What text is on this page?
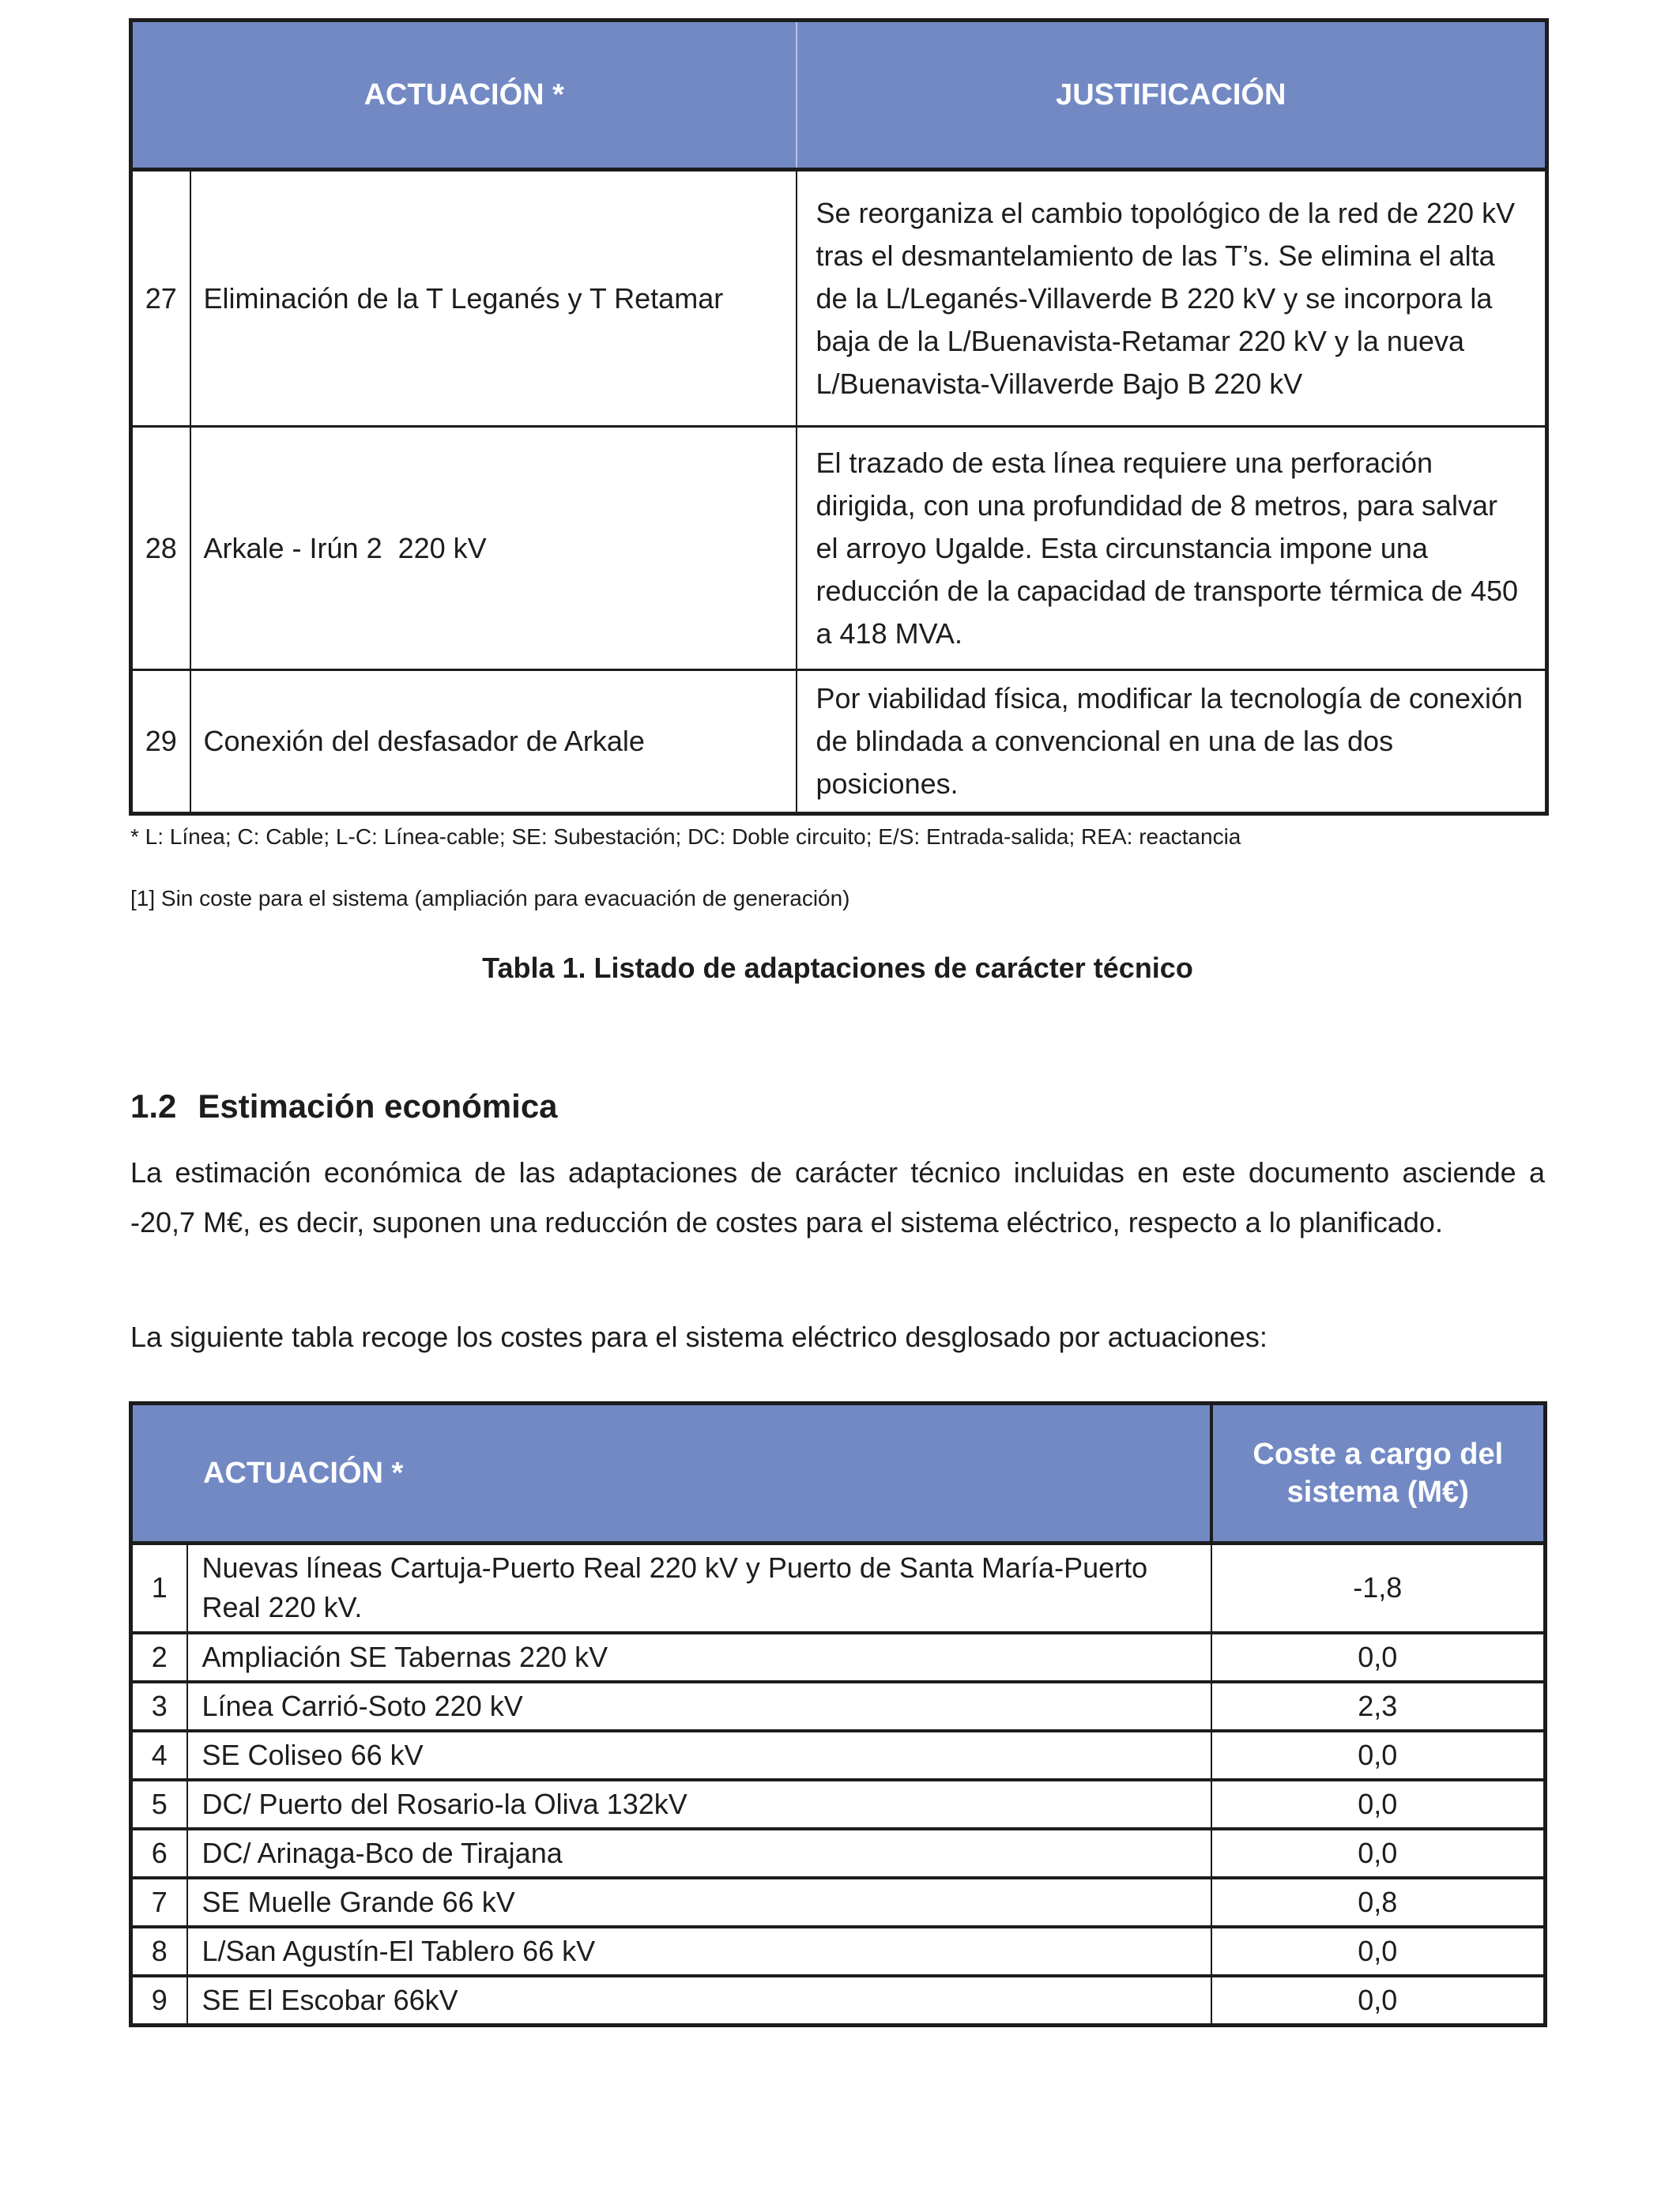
ACTUACIÓN *		JUSTIFICACIÓN
27	Eliminación de la T Leganés y T Retamar	Se reorganiza el cambio topológico de la red de 220 kV  tras el desmantelamiento de las T’s. Se elimina el alta de la L/Leganés-Villaverde B 220 kV y se incorpora la baja de la L/Buenavista-Retamar 220 kV y la nueva L/Buenavista-Villaverde Bajo B 220 kV
28	Arkale - Irún 2  220 kV	El trazado de esta línea requiere una perforación dirigida, con una profundidad de 8 metros, para salvar el arroyo Ugalde. Esta circunstancia impone una reducción de la capacidad de transporte térmica de 450 a 418 MVA.
29	Conexión del desfasador de Arkale	Por viabilidad física, modificar la tecnología de conexión de blindada a convencional en una de las dos posiciones.
* L: Línea; C: Cable; L-C: Línea-cable; SE: Subestación; DC: Doble circuito; E/S: Entrada-salida; REA: reactancia
[1] Sin coste para el sistema (ampliación para evacuación de generación)
Tabla 1. Listado de adaptaciones de carácter técnico
1.2 Estimación económica
La estimación económica de las adaptaciones de carácter técnico incluidas en este documento asciende a -20,7 M€, es decir, suponen una reducción de costes para el sistema eléctrico, respecto a lo planificado.
La siguiente tabla recoge los costes para el sistema eléctrico desglosado por actuaciones:
ACTUACIÓN *		Coste a cargo del sistema (M€)
1	Nuevas líneas Cartuja-Puerto Real 220 kV y Puerto de Santa María-Puerto Real 220 kV.	-1,8
2	Ampliación SE Tabernas 220 kV	0,0
3	Línea Carrió-Soto 220 kV	2,3
4	SE Coliseo 66 kV	0,0
5	DC/ Puerto del Rosario-la Oliva 132kV	0,0
6	DC/ Arinaga-Bco de Tirajana	0,0
7	SE Muelle Grande 66 kV	0,8
8	L/San Agustín-El Tablero 66 kV	0,0
9	SE El Escobar 66kV	0,0
